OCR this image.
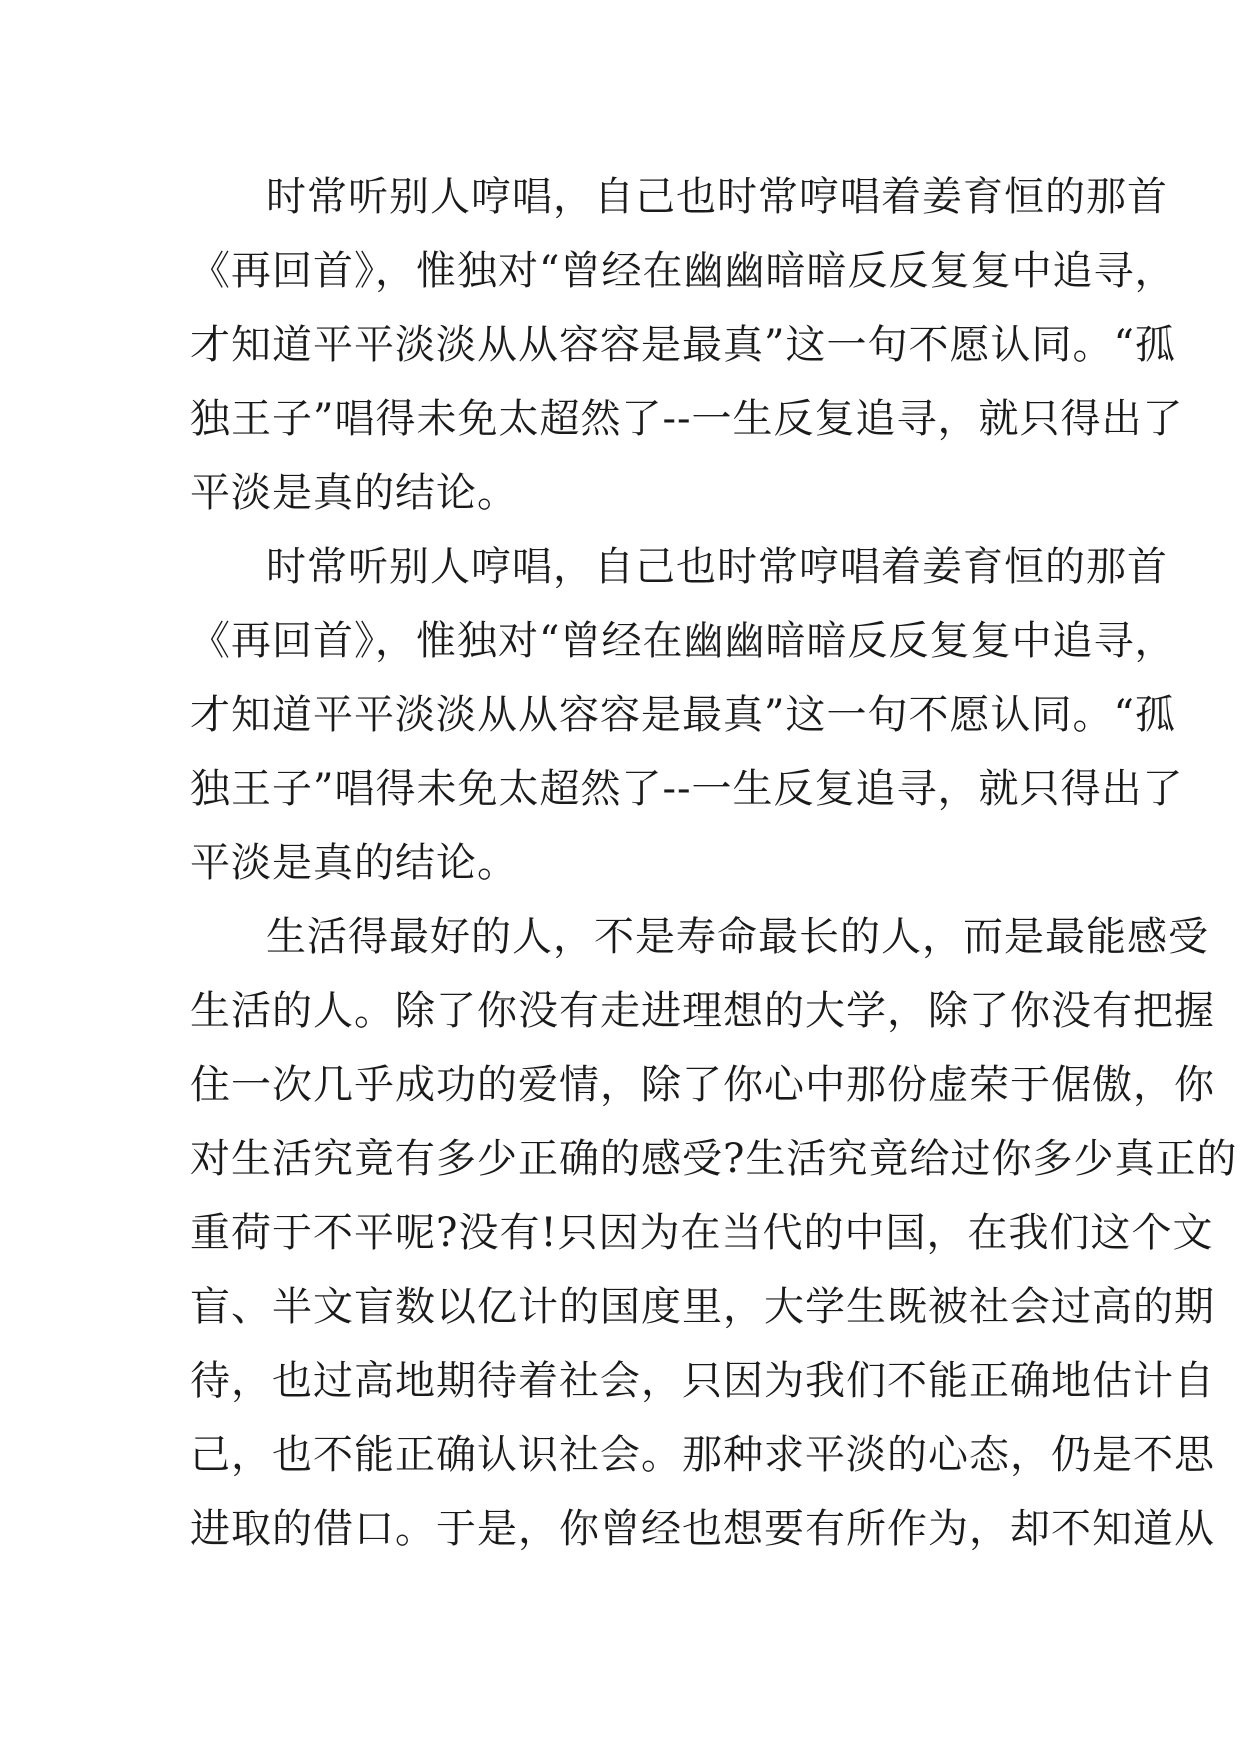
时常听别人哼唱，自己也时常哼唱着姜育恒的那首
《再回首》，惟独对“曾经在幽幽暗暗反反复复中追寻，
才知道平平淡淡从从容容是最真”这一句不愿认同。“孤
独王子”唱得未免太超然了--一生反复追寻，就只得出了
平淡是真的结论。
时常听别人哼唱，自己也时常哼唱着姜育恒的那首
《再回首》，惟独对“曾经在幽幽暗暗反反复复中追寻，
才知道平平淡淡从从容容是最真”这一句不愿认同。“孤
独王子”唱得未免太超然了--一生反复追寻，就只得出了
平淡是真的结论。
生活得最好的人，不是寿命最长的人，而是最能感受
生活的人。除了你没有走进理想的大学，除了你没有把握
住一次几乎成功的爱情，除了你心中那份虚荣于倨傲，你
对生活究竟有多少正确的感受?生活究竟给过你多少真正的
重荷于不平呢?没有!只因为在当代的中国，在我们这个文
盲、半文盲数以亿计的国度里，大学生既被社会过高的期
待，也过高地期待着社会，只因为我们不能正确地估计自
己，也不能正确认识社会。那种求平淡的心态，仍是不思
进取的借口。于是，你曾经也想要有所作为，却不知道从
